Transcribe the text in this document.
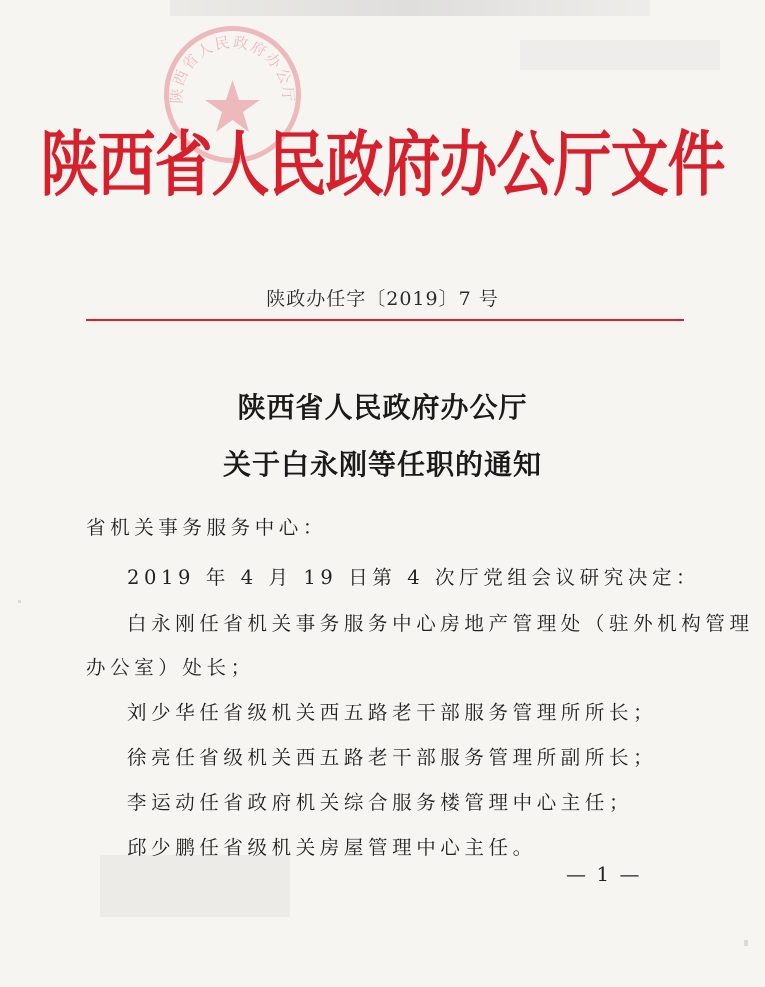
陕西省人民政府办公厅
陕西省人民政府办公厅文件
陕政办任字〔2019〕7 号
陕西省人民政府办公厅
关于白永刚等任职的通知
省机关事务服务中心：
2019 年 4 月 19 日第 4 次厅党组会议研究决定：
白永刚任省机关事务服务中心房地产管理处（驻外机构管理
办公室）处长；
刘少华任省级机关西五路老干部服务管理所所长；
徐亮任省级机关西五路老干部服务管理所副所长；
李运动任省政府机关综合服务楼管理中心主任；
邱少鹏任省级机关房屋管理中心主任。
— 1 —
